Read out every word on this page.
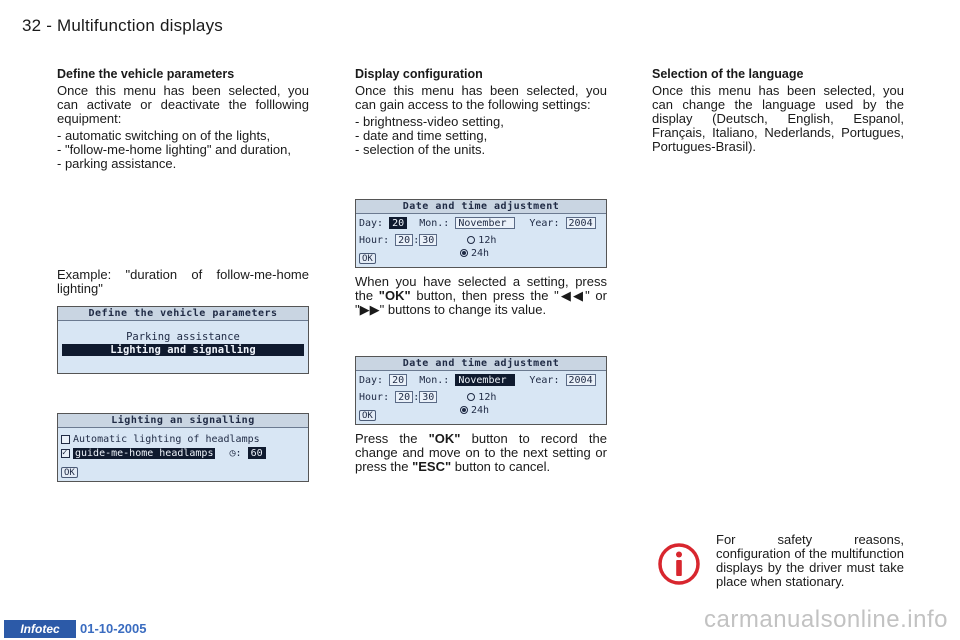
32 - Multifunction displays
Define the vehicle parameters

Once this menu has been selected, you can activate or deactivate the folllowing equipment:

- automatic switching on of the lights,
- "follow-me-home lighting" and duration,
- parking assistance.
Example: "duration of follow-me-home lighting"
Define the vehicle parameters
Parking assistance
Lighting and signalling
Lighting an signalling
Automatic lighting of headlamps
✓guide-me-home headlamps ◷: 60
OK
Display configuration

Once this menu has been selected, you can gain access to the following settings:

- brightness-video setting,
- date and time setting,
- selection of the units.
Date and time adjustment
Day: 20 Mon.: November Year: 2004
Hour: 20 : 30	12h
24h
OK
When you have selected a setting, press the "OK" button, then press the "◀◀" or "▶▶" buttons to change its value.
Date and time adjustment
Day: 20 Mon.: November Year: 2004
Hour: 20 : 30	12h
24h
OK
Press the "OK" button to record the change and move on to the next setting or press the "ESC" button to cancel.
Selection of the language

Once this menu has been selected, you can change the language used by the display (Deutsch, English, Espanol, Français, Italiano, Nederlands, Portugues, Portugues-Brasil).

For safety reasons, configuration of the multifunction displays by the driver must take place when stationary.
Infotec	01-10-2005	carmanualsonline.info
